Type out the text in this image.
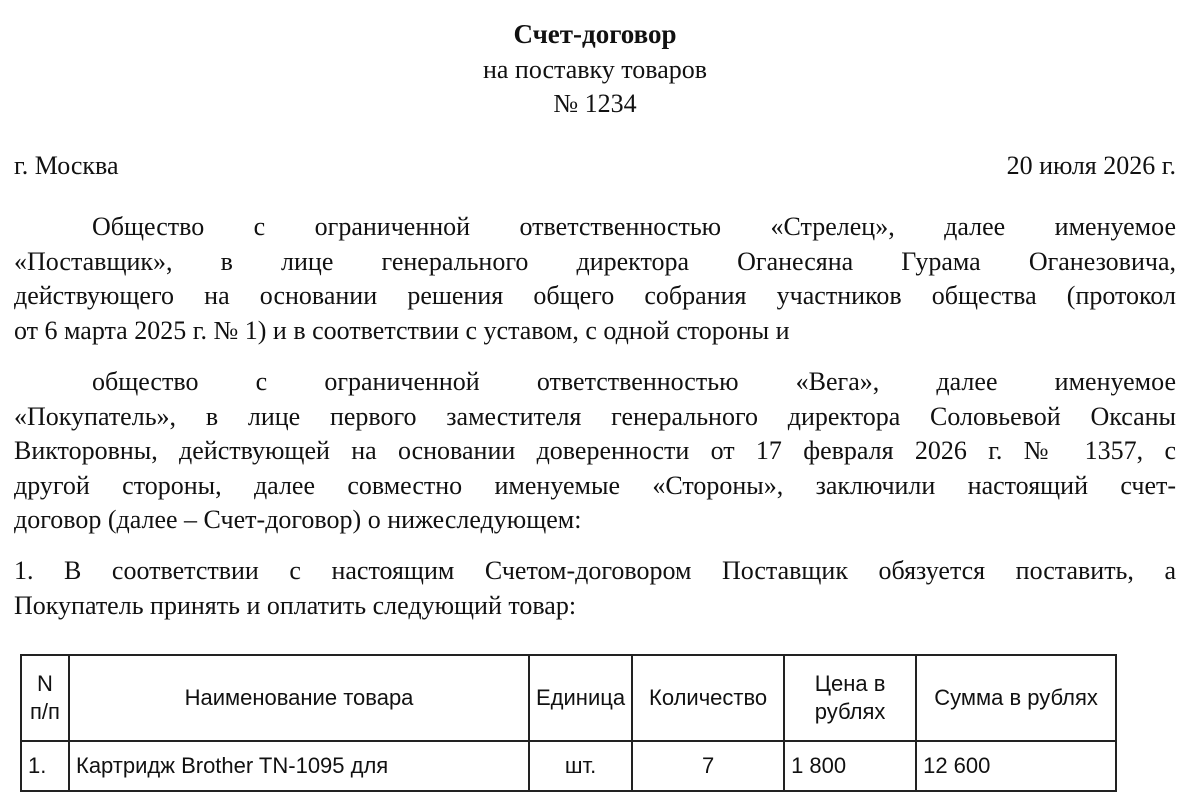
Счет-договор
на поставку товаров
№ 1234
г. Москва	20 июля 2026 г.
Общество с ограниченной ответственностью «Стрелец», далее именуемое
«Поставщик», в лице генерального директора Оганесяна Гурама Оганезовича,
действующего на основании решения общего собрания участников общества (протокол
от 6 марта 2025 г. № 1) и в соответствии с уставом, с одной стороны и
общество с ограниченной ответственностью «Вега», далее именуемое
«Покупатель», в лице первого заместителя генерального директора Соловьевой Оксаны
Викторовны, действующей на основании доверенности от 17 февраля 2026 г. № 1357, с
другой стороны, далее совместно именуемые «Стороны», заключили настоящий счет-
договор (далее – Счет-договор) о нижеследующем:
1. В соответствии с настоящим Счетом-договором Поставщик обязуется поставить, а
Покупатель принять и оплатить следующий товар:
N п/п	Наименование товара	Единица	Количество	Цена в рублях	Сумма в рублях
1.	Картридж Brother TN-1095 для	шт.	7	1 800	12 600
